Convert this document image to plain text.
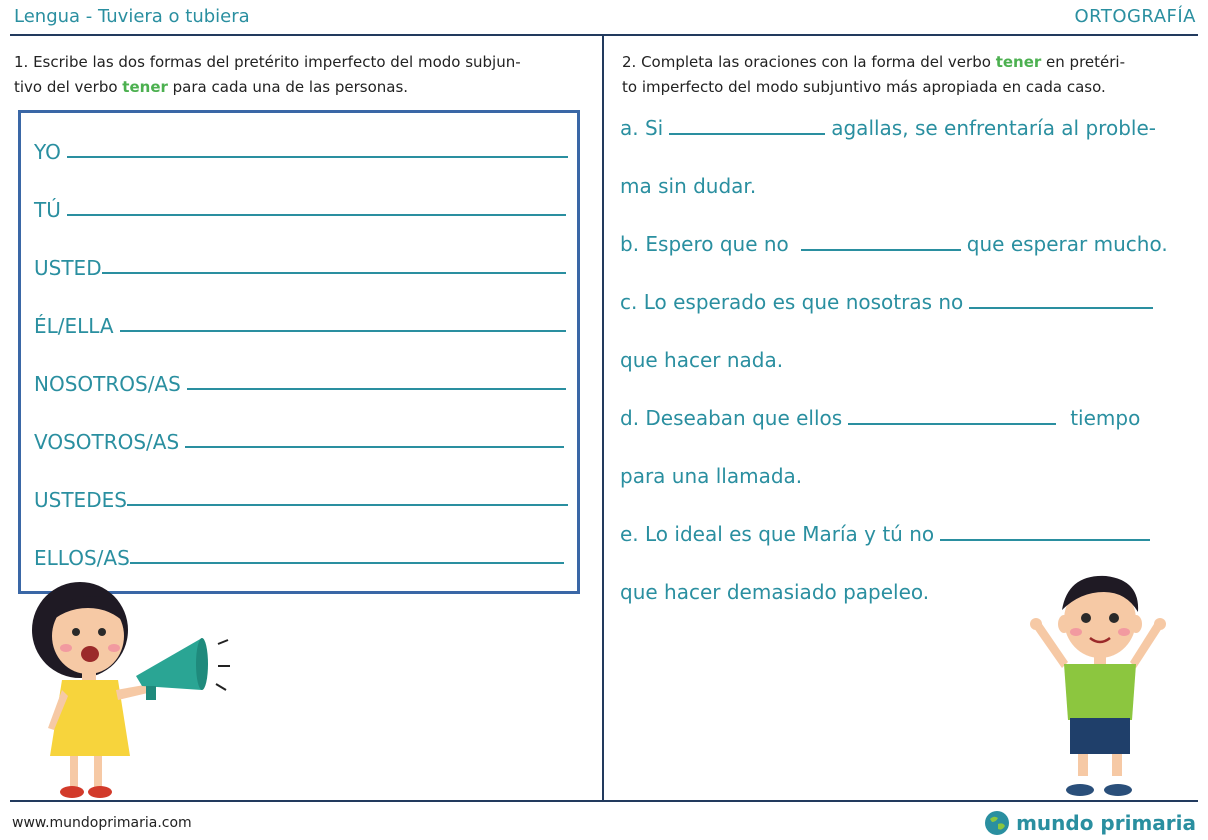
Lengua - Tuviera o tubiera	ORTOGRAFÍA
1. Escribe las dos formas del pretérito imperfecto del modo subjun-
tivo del verbo tener para cada una de las personas.
YO
TÚ
USTED
ÉL/ELLA
NOSOTROS/AS
VOSOTROS/AS
USTEDES
ELLOS/AS
2. Completa las oraciones con la forma del verbo tener en pretéri-
to imperfecto del modo subjuntivo más apropiada en cada caso.
a. Si	agallas, se enfrentaría al proble-
ma sin dudar.
b. Espero que no	que esperar mucho.
c. Lo esperado es que nosotras no
que hacer nada.
d. Deseaban que ellos	tiempo
para una llamada.
e. Lo ideal es que María y tú no
que hacer demasiado papeleo.
www.mundoprimaria.com	mundo primaria
